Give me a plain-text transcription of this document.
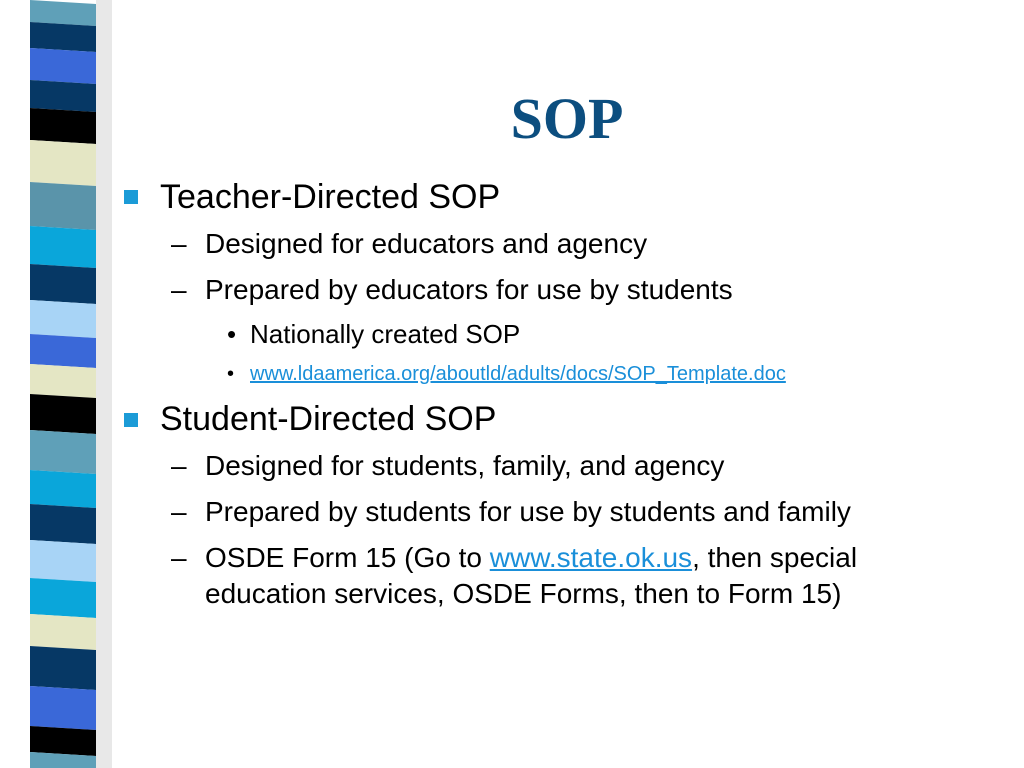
SOP
Teacher-Directed SOP
– Designed for educators and agency
– Prepared by educators for use by students
• Nationally created SOP
• www.ldaamerica.org/aboutld/adults/docs/SOP_Template.doc
Student-Directed SOP
– Designed for students, family, and agency
– Prepared by students for use by students and family
– OSDE Form 15 (Go to www.state.ok.us, then special
education services, OSDE Forms, then to Form 15)
